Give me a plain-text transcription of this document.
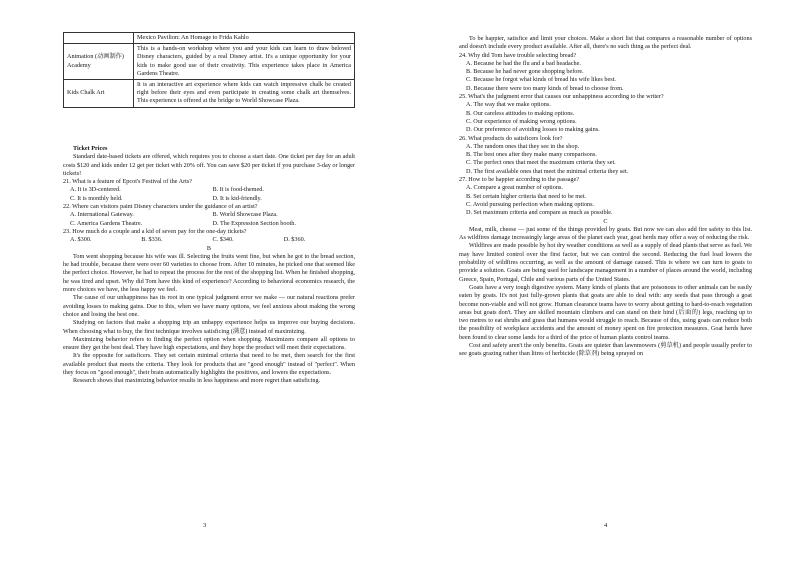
	Mexico Pavilion: An Homage to Frida Kahlo
Animation (动画制作) Academy	This is a hands-on workshop where you and your kids can learn to draw beloved Disney characters, guided by a real Disney artist. It's a unique opportunity for your kids to make good use of their creativity. This experience takes place in America Gardens Theatre.
Kids Chalk Art	It is an interactive art experience where kids can watch impressive chalk be created right before their eyes and even participate in creating some chalk art themselves. This experience is offered at the bridge to World Showcase Plaza.

Ticket Prices

Standard date-based tickets are offered, which requires you to choose a start date. One ticket per day for an adult costs $120 and kids under 12 get per ticket with 20% off. You can save $20 per ticket if you purchase 3-day or longer tickets!

21. What is a feature of Epcot's Festival of the Arts?

A. It is 3D-centered.	B. It is food-themed.
C. It is monthly held.	D. It is kid-friendly.

22. Where can visitors paint Disney characters under the guidance of an artist?

A. International Gateway.	B. World Showcase Plaza.
C. America Gardens Theatre.	D. The Expression Section booth.

23. How much do a couple and a kid of seven pay for the one-day tickets?

A. $300.	B. $336.	C. $340.	D. $360.

B

Tom went shopping because his wife was ill. Selecting the fruits went fine, but when he got to the bread section, he had trouble, because there were over 60 varieties to choose from. After 10 minutes, he picked one that seemed like the perfect choice. However, he had to repeat the process for the rest of the shopping list. When he finished shopping, he was tired and upset. Why did Tom have this kind of experience? According to behavioral economics research, the more choices we have, the less happy we feel.

The cause of our unhappiness has its root in one typical judgment error we make — our natural reactions prefer avoiding losses to making gains. Due to this, when we have many options, we feel anxious about making the wrong choice and losing the best one.

Studying on factors that make a shopping trip an unhappy experience helps us improve our buying decisions. When choosing what to buy, the first technique involves satisficing (满意) instead of maximizing.

Maximizing behavior refers to finding the perfect option when shopping. Maximizers compare all options to ensure they get the best deal. They have high expectations, and they hope the product will meet their expectations.

It's the opposite for satisficers. They set certain minimal criteria that need to be met, then search for the first available product that meets the criteria. They look for products that are "good enough" instead of "perfect". When they focus on "good enough", their brain automatically highlights the positives, and lowers the expectations.

Research shows that maximizing behavior results in less happiness and more regret than satisficing.

3

To be happier, satisfice and limit your choices. Make a short list that compares a reasonable number of options and doesn't include every product available. After all, there's no such thing as the perfect deal.

24. Why did Tom have trouble selecting bread?

A. Because he had the flu and a bad headache.
B. Because he had never gone shopping before.
C. Because he forgot what kinds of bread his wife likes best.
D. Because there were too many kinds of bread to choose from.

25. What's the judgment error that causes our unhappiness according to the writer?

A. The way that we make options.
B. Our careless attitudes to making options.
C. Our experience of making wrong options.
D. Our preference of avoiding losses to making gains.

26. What products do satisficers look for?

A. The random ones that they see in the shop.
B. The best ones after they make many comparisons.
C. The perfect ones that meet the maximum criteria they set.
D. The first available ones that meet the minimal criteria they set.

27. How to be happier according to the passage?

A. Compare a great number of options.
B. Set certain higher criteria that need to be met.
C. Avoid pursuing perfection when making options.
D. Set maximum criteria and compare as much as possible.

C

Meat, milk, cheese — just some of the things provided by goats. But now we can also add fire safety to this list. As wildfires damage increasingly large areas of the planet each year, goat herds may offer a way of reducing the risk.

Wildfires are made possible by hot dry weather conditions as well as a supply of dead plants that serve as fuel. We may have limited control over the first factor, but we can control the second. Reducing the fuel load lowers the probability of wildfires occurring, as well as the amount of damage caused. This is where we can turn to goats to provide a solution. Goats are being used for landscape management in a number of places around the world, including Greece, Spain, Portugal, Chile and various parts of the United States.

Goats have a very tough digestive system. Many kinds of plants that are poisonous to other animals can be easily eaten by goats. It's not just fully-grown plants that goats are able to deal with: any seeds that pass through a goat become non-viable and will not grow. Human clearance teams have to worry about getting to hard-to-reach vegetation areas but goats don't. They are skilled mountain climbers and can stand on their hind (后面的) legs, reaching up to two metres to eat shrubs and grass that humans would struggle to reach. Because of this, using goats can reduce both the possibility of workplace accidents and the amount of money spent on fire protection measures. Goat herds have been found to clear some lands for a third of the price of human plants control teams.

Cost and safety aren't the only benefits. Goats are quieter than lawnmowers (剪草机) and people usually prefer to see goats grazing rather than litres of herbicide (除草剂) being sprayed on

4
